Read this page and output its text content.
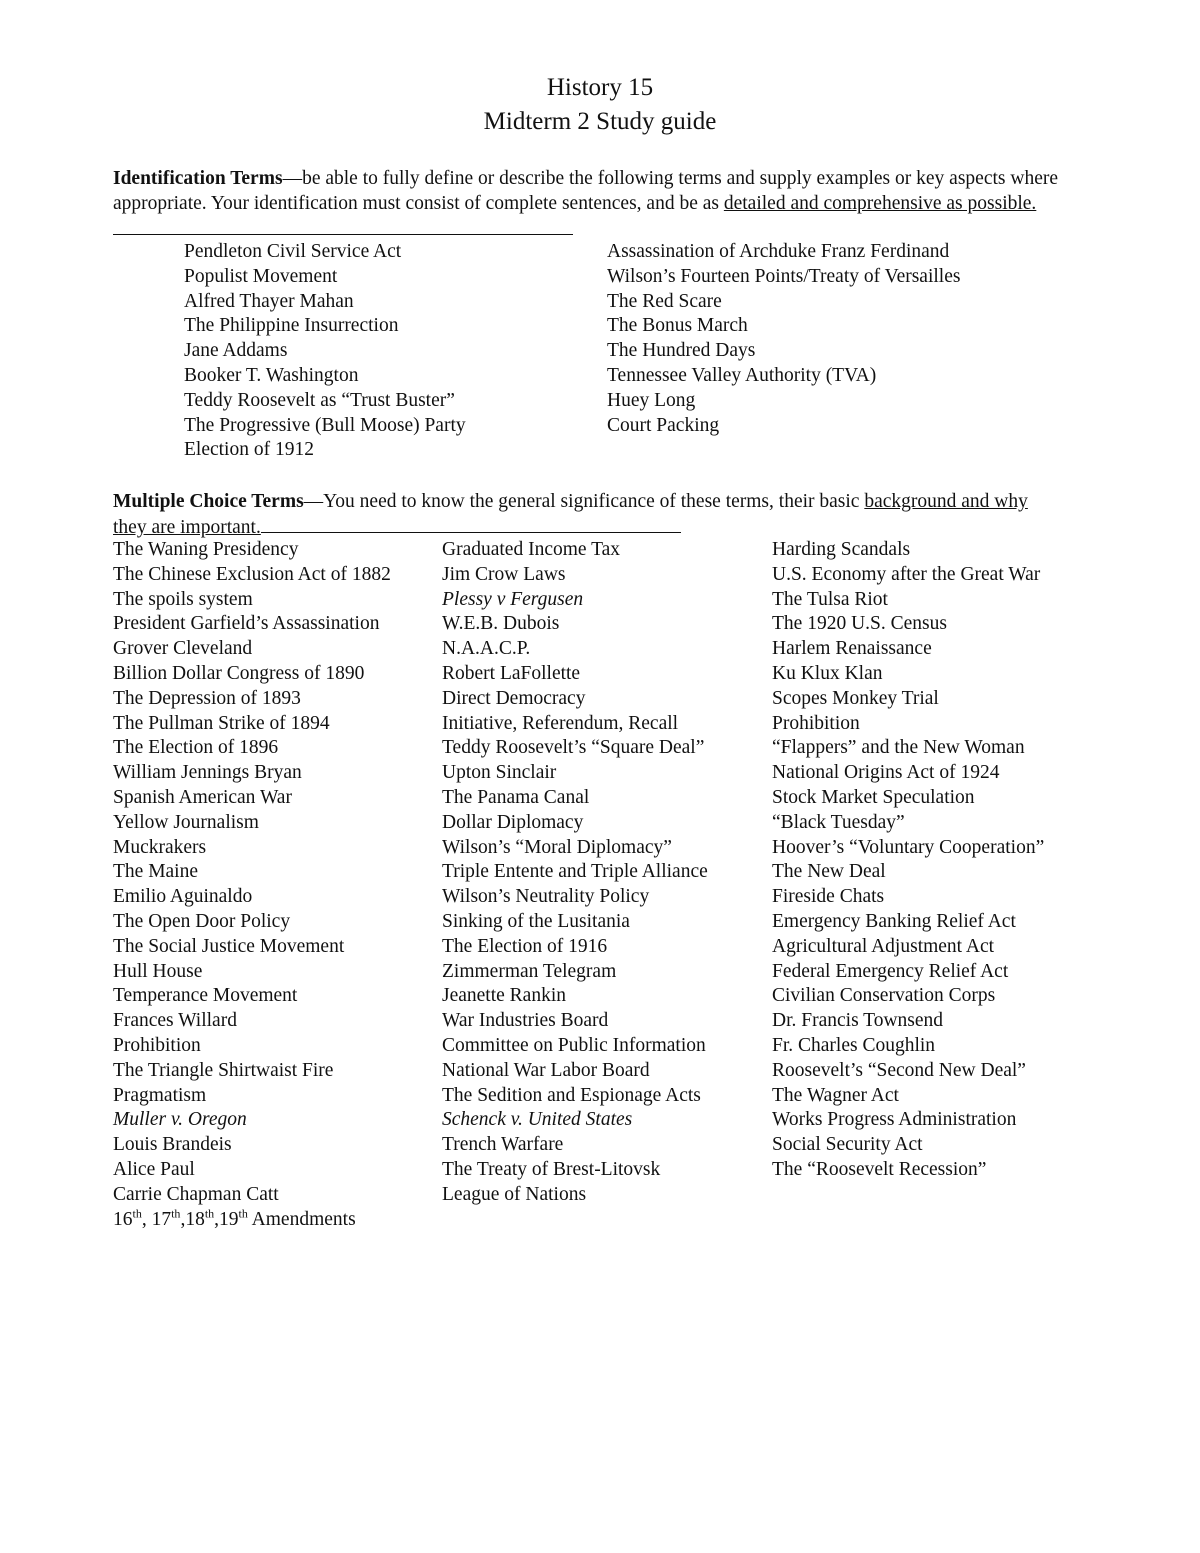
History 15
Midterm 2 Study guide
Identification Terms—be able to fully define or describe the following terms and supply examples or key aspects where appropriate. Your identification must consist of complete sentences, and be as detailed and comprehensive as possible.
Pendleton Civil Service Act
Populist Movement
Alfred Thayer Mahan
The Philippine Insurrection
Jane Addams
Booker T. Washington
Teddy Roosevelt as “Trust Buster”
The Progressive (Bull Moose) Party
Election of 1912
Assassination of Archduke Franz Ferdinand
Wilson’s Fourteen Points/Treaty of Versailles
The Red Scare
The Bonus March
The Hundred Days
Tennessee Valley Authority (TVA)
Huey Long
Court Packing
Multiple Choice Terms—You need to know the general significance of these terms, their basic background and why they are important.
The Waning Presidency
The Chinese Exclusion Act of 1882
The spoils system
President Garfield’s Assassination
Grover Cleveland
Billion Dollar Congress of 1890
The Depression of 1893
The Pullman Strike of 1894
The Election of 1896
William Jennings Bryan
Spanish American War
Yellow Journalism
Muckrakers
The Maine
Emilio Aguinaldo
The Open Door Policy
The Social Justice Movement
Hull House
Temperance Movement
Frances Willard
Prohibition
The Triangle Shirtwaist Fire
Pragmatism
Muller v. Oregon
Louis Brandeis
Alice Paul
Carrie Chapman Catt
16th, 17th,18th,19th Amendments
Graduated Income Tax
Jim Crow Laws
Plessy v Fergusen
W.E.B. Dubois
N.A.A.C.P.
Robert LaFollette
Direct Democracy
Initiative, Referendum, Recall
Teddy Roosevelt’s “Square Deal”
Upton Sinclair
The Panama Canal
Dollar Diplomacy
Wilson’s “Moral Diplomacy”
Triple Entente and Triple Alliance
Wilson’s Neutrality Policy
Sinking of the Lusitania
The Election of 1916
Zimmerman Telegram
Jeanette Rankin
War Industries Board
Committee on Public Information
National War Labor Board
The Sedition and Espionage Acts
Schenck v. United States
Trench Warfare
The Treaty of Brest-Litovsk
League of Nations
Harding Scandals
U.S. Economy after the Great War
The Tulsa Riot
The 1920 U.S. Census
Harlem Renaissance
Ku Klux Klan
Scopes Monkey Trial
Prohibition
“Flappers” and the New Woman
National Origins Act of 1924
Stock Market Speculation
“Black Tuesday”
Hoover’s “Voluntary Cooperation”
The New Deal
Fireside Chats
Emergency Banking Relief Act
Agricultural Adjustment Act
Federal Emergency Relief Act
Civilian Conservation Corps
Dr. Francis Townsend
Fr. Charles Coughlin
Roosevelt’s “Second New Deal”
The Wagner Act
Works Progress Administration
Social Security Act
The “Roosevelt Recession”
